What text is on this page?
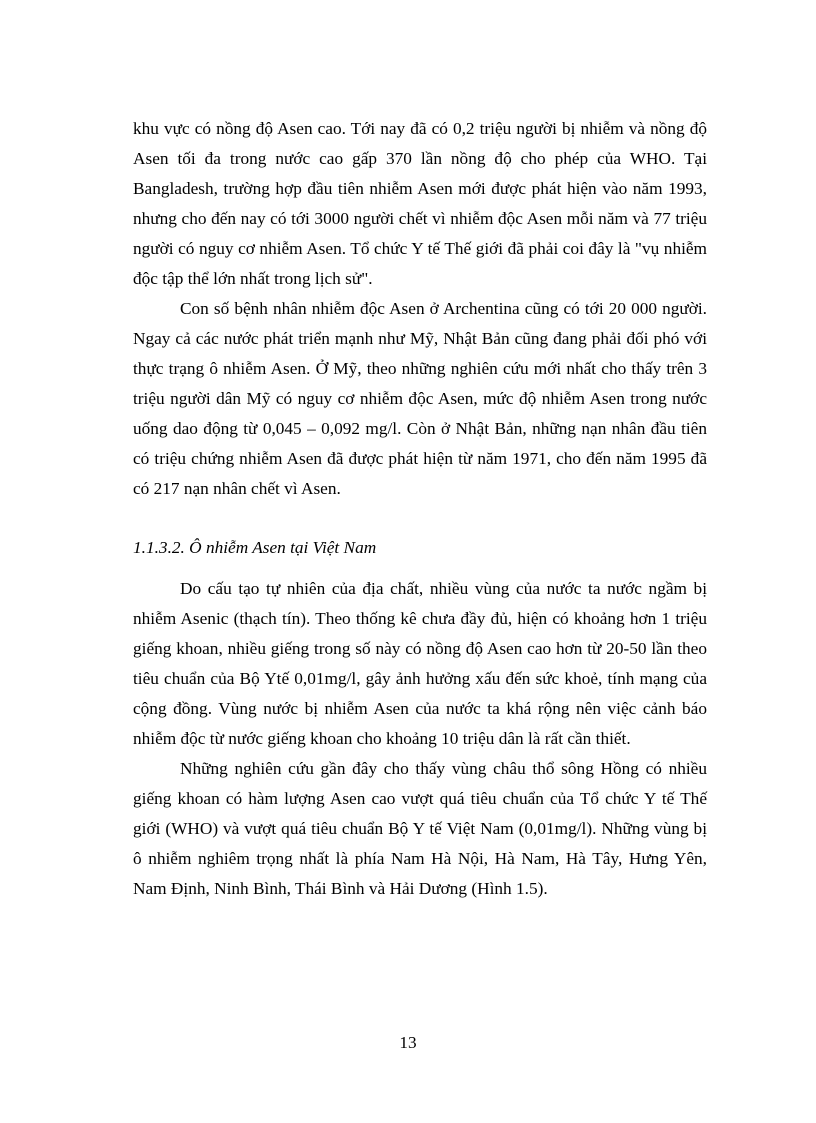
khu vực có nồng độ Asen cao. Tới nay đã có 0,2 triệu người bị nhiễm và nồng độ Asen tối đa trong nước cao gấp 370 lần nồng độ cho phép của WHO. Tại Bangladesh, trường hợp đầu tiên nhiễm Asen mới được phát hiện vào năm 1993, nhưng cho đến nay có tới 3000 người chết vì nhiễm độc Asen mỗi năm và 77 triệu người có nguy cơ nhiễm Asen. Tổ chức Y tế Thế giới đã phải coi đây là "vụ nhiễm độc tập thể lớn nhất trong lịch sử".

Con số bệnh nhân nhiễm độc Asen ở Archentina cũng có tới 20 000 người. Ngay cả các nước phát triển mạnh như Mỹ, Nhật Bản cũng đang phải đối phó với thực trạng ô nhiễm Asen. Ở Mỹ, theo những nghiên cứu mới nhất cho thấy trên 3 triệu người dân Mỹ có nguy cơ nhiễm độc Asen, mức độ nhiễm Asen trong nước uống dao động từ 0,045 – 0,092 mg/l. Còn ở Nhật Bản, những nạn nhân đầu tiên có triệu chứng nhiễm Asen đã được phát hiện từ năm 1971, cho đến năm 1995 đã có 217 nạn nhân chết vì Asen.

1.1.3.2. Ô nhiễm Asen tại Việt Nam

Do cấu tạo tự nhiên của địa chất, nhiều vùng của nước ta nước ngầm bị nhiễm Asenic (thạch tín). Theo thống kê chưa đầy đủ, hiện có khoảng hơn 1 triệu giếng khoan, nhiều giếng trong số này có nồng độ Asen cao hơn từ 20-50 lần theo tiêu chuẩn của Bộ Ytế 0,01mg/l, gây ảnh hưởng xấu đến sức khoẻ, tính mạng của cộng đồng. Vùng nước bị nhiễm Asen của nước ta khá rộng nên việc cảnh báo nhiễm độc từ nước giếng khoan cho khoảng 10 triệu dân là rất cần thiết.

Những nghiên cứu gần đây cho thấy vùng châu thổ sông Hồng có nhiều giếng khoan có hàm lượng Asen cao vượt quá tiêu chuẩn của Tổ chức Y tế Thế giới (WHO) và vượt quá tiêu chuẩn Bộ Y tế Việt Nam (0,01mg/l). Những vùng bị ô nhiễm nghiêm trọng nhất là phía Nam Hà Nội, Hà Nam, Hà Tây, Hưng Yên, Nam Định, Ninh Bình, Thái Bình và Hải Dương (Hình 1.5).

13
